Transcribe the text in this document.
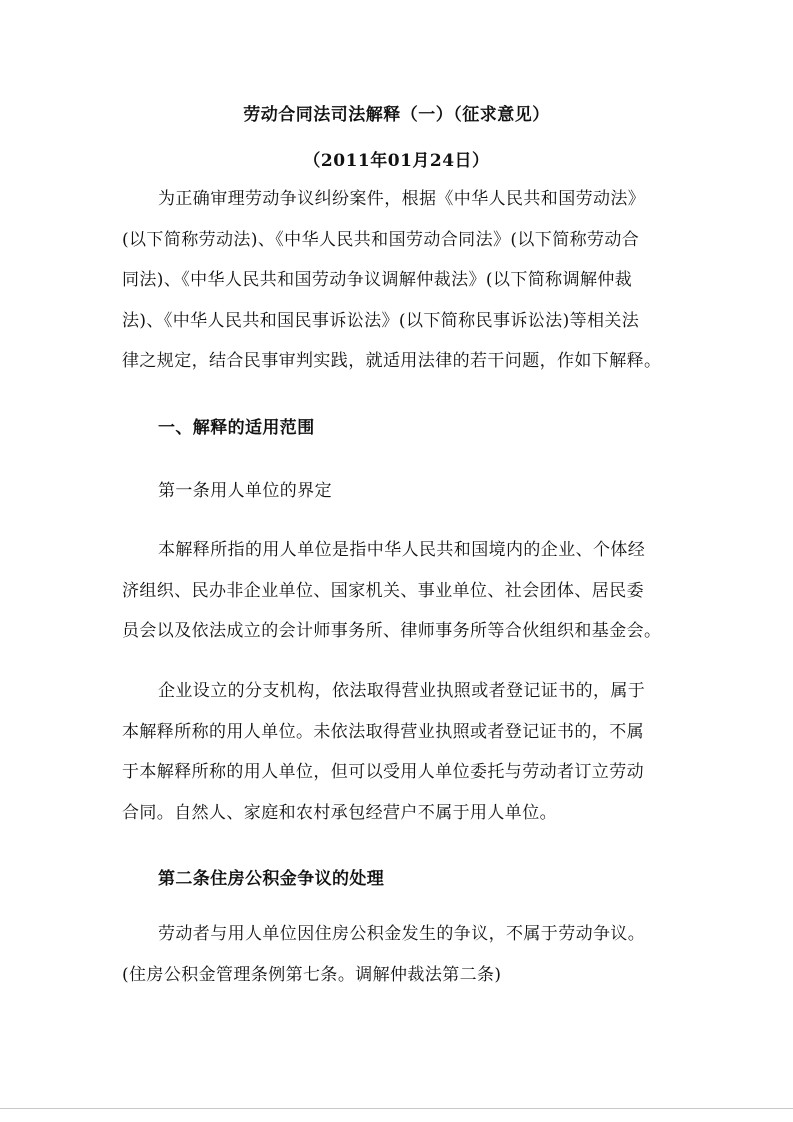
劳动合同法司法解释（一）（征求意见）
（2011年01月24日）
为正确审理劳动争议纠纷案件，根据《中华人民共和国劳动法》
(以下简称劳动法)、《中华人民共和国劳动合同法》(以下简称劳动合
同法)、《中华人民共和国劳动争议调解仲裁法》(以下简称调解仲裁
法)、《中华人民共和国民事诉讼法》(以下简称民事诉讼法)等相关法
律之规定，结合民事审判实践，就适用法律的若干问题，作如下解释。
一、解释的适用范围
第一条用人单位的界定
本解释所指的用人单位是指中华人民共和国境内的企业、个体经
济组织、民办非企业单位、国家机关、事业单位、社会团体、居民委
员会以及依法成立的会计师事务所、律师事务所等合伙组织和基金会。
企业设立的分支机构，依法取得营业执照或者登记证书的，属于
本解释所称的用人单位。未依法取得营业执照或者登记证书的，不属
于本解释所称的用人单位，但可以受用人单位委托与劳动者订立劳动
合同。自然人、家庭和农村承包经营户不属于用人单位。
第二条住房公积金争议的处理
劳动者与用人单位因住房公积金发生的争议，不属于劳动争议。
(住房公积金管理条例第七条。调解仲裁法第二条)
